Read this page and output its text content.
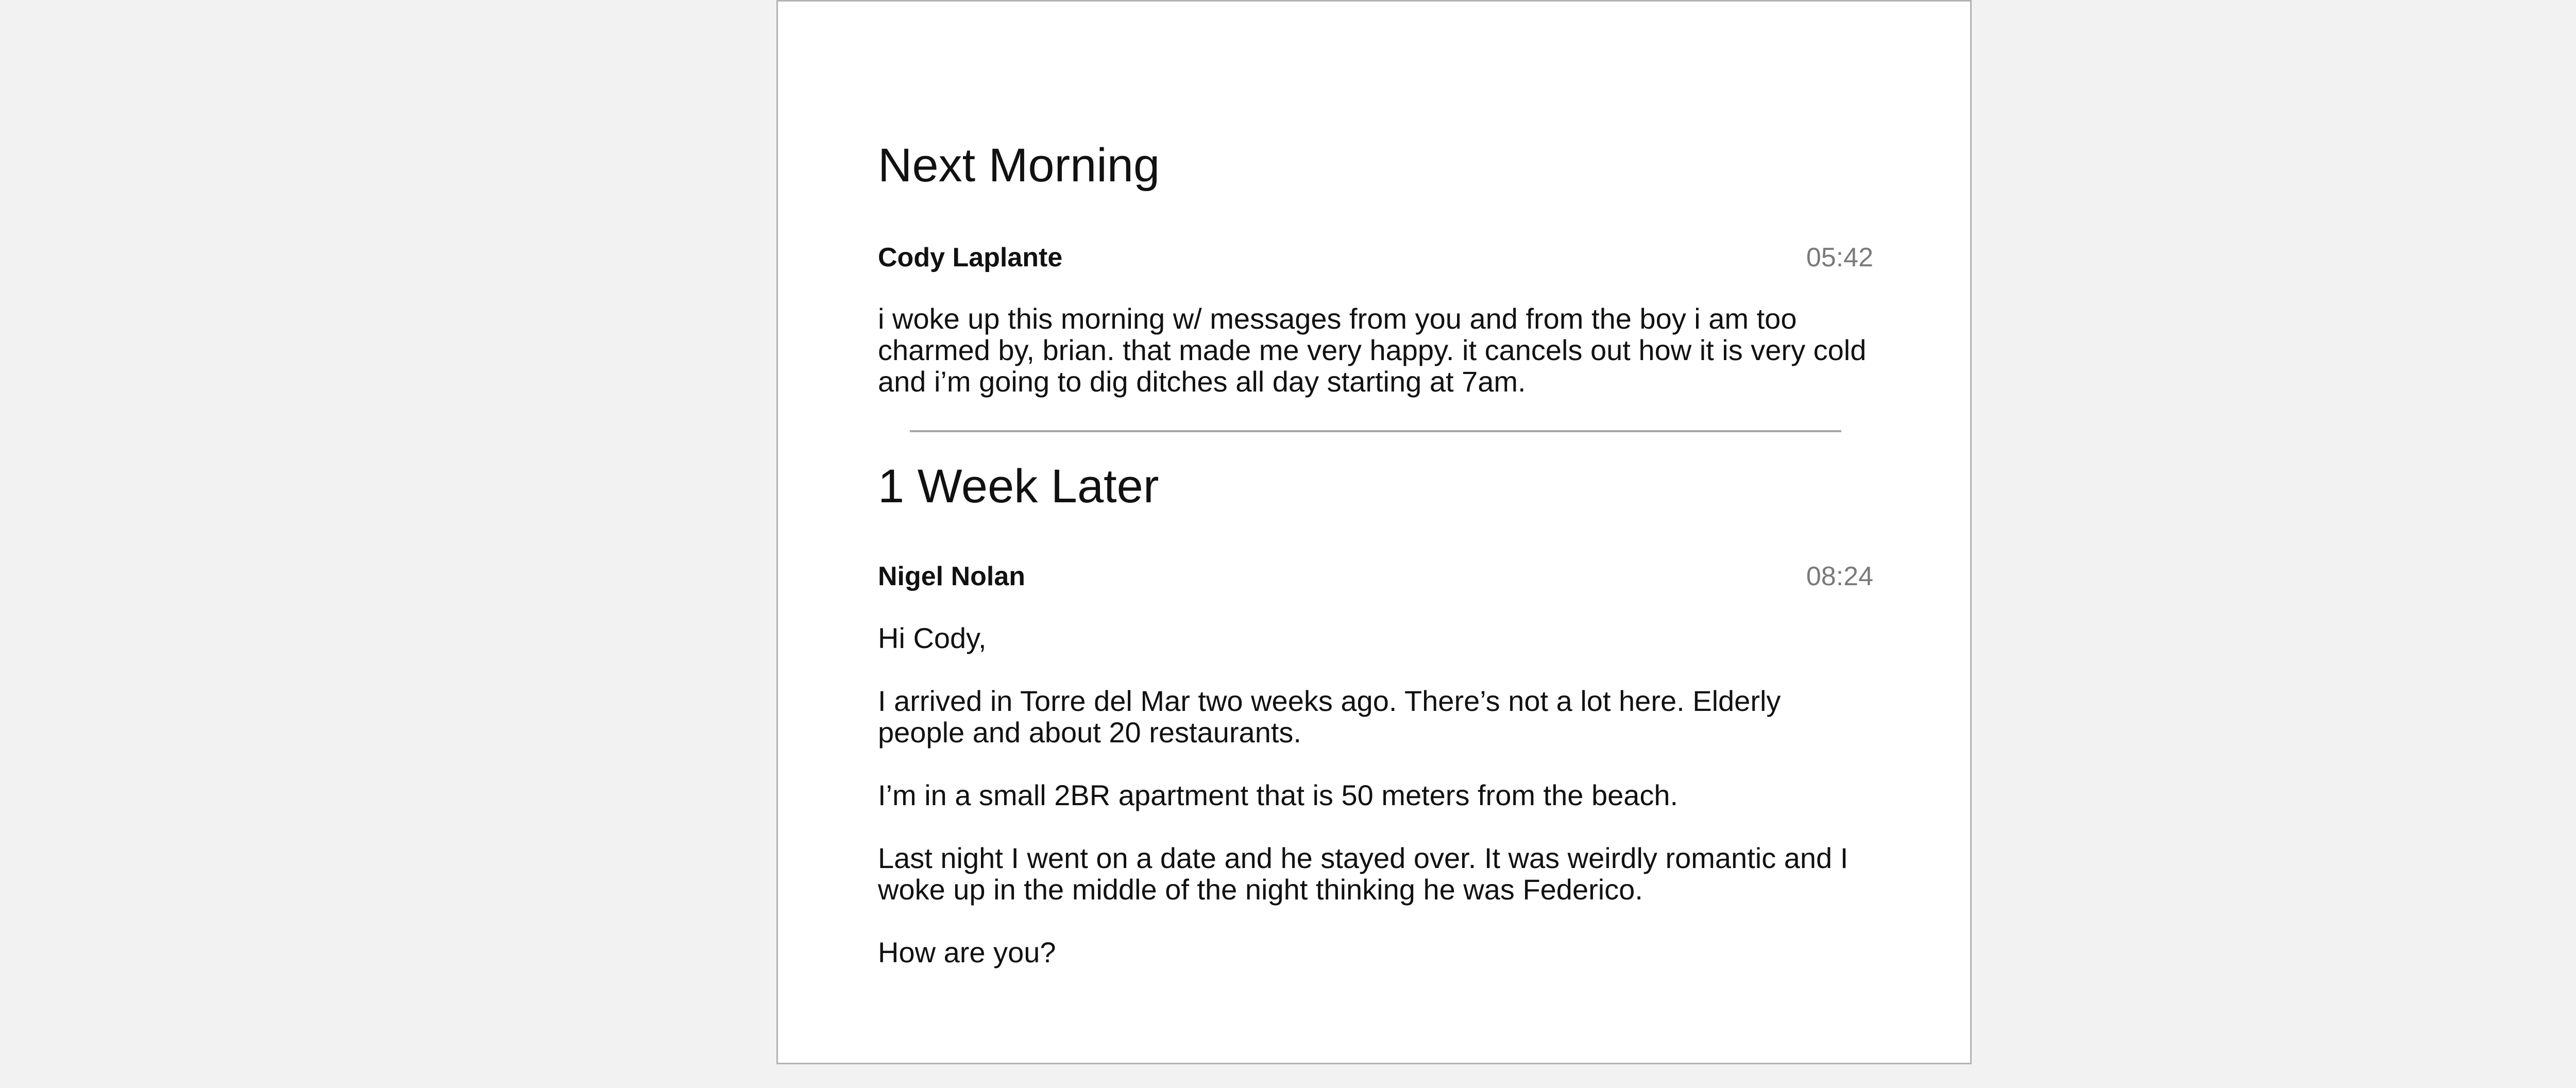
Next Morning
Cody Laplante	05:42

i woke up this morning w/ messages from you and from the boy i am too charmed by, brian. that made me very happy. it cancels out how it is very cold and i’m going to dig ditches all day starting at 7am.

1 Week Later
Nigel Nolan	08:24

Hi Cody,

I arrived in Torre del Mar two weeks ago. There’s not a lot here. Elderly people and about 20 restaurants.

I’m in a small 2BR apartment that is 50 meters from the beach.

Last night I went on a date and he stayed over. It was weirdly romantic and I woke up in the middle of the night thinking he was Federico.

How are you?
